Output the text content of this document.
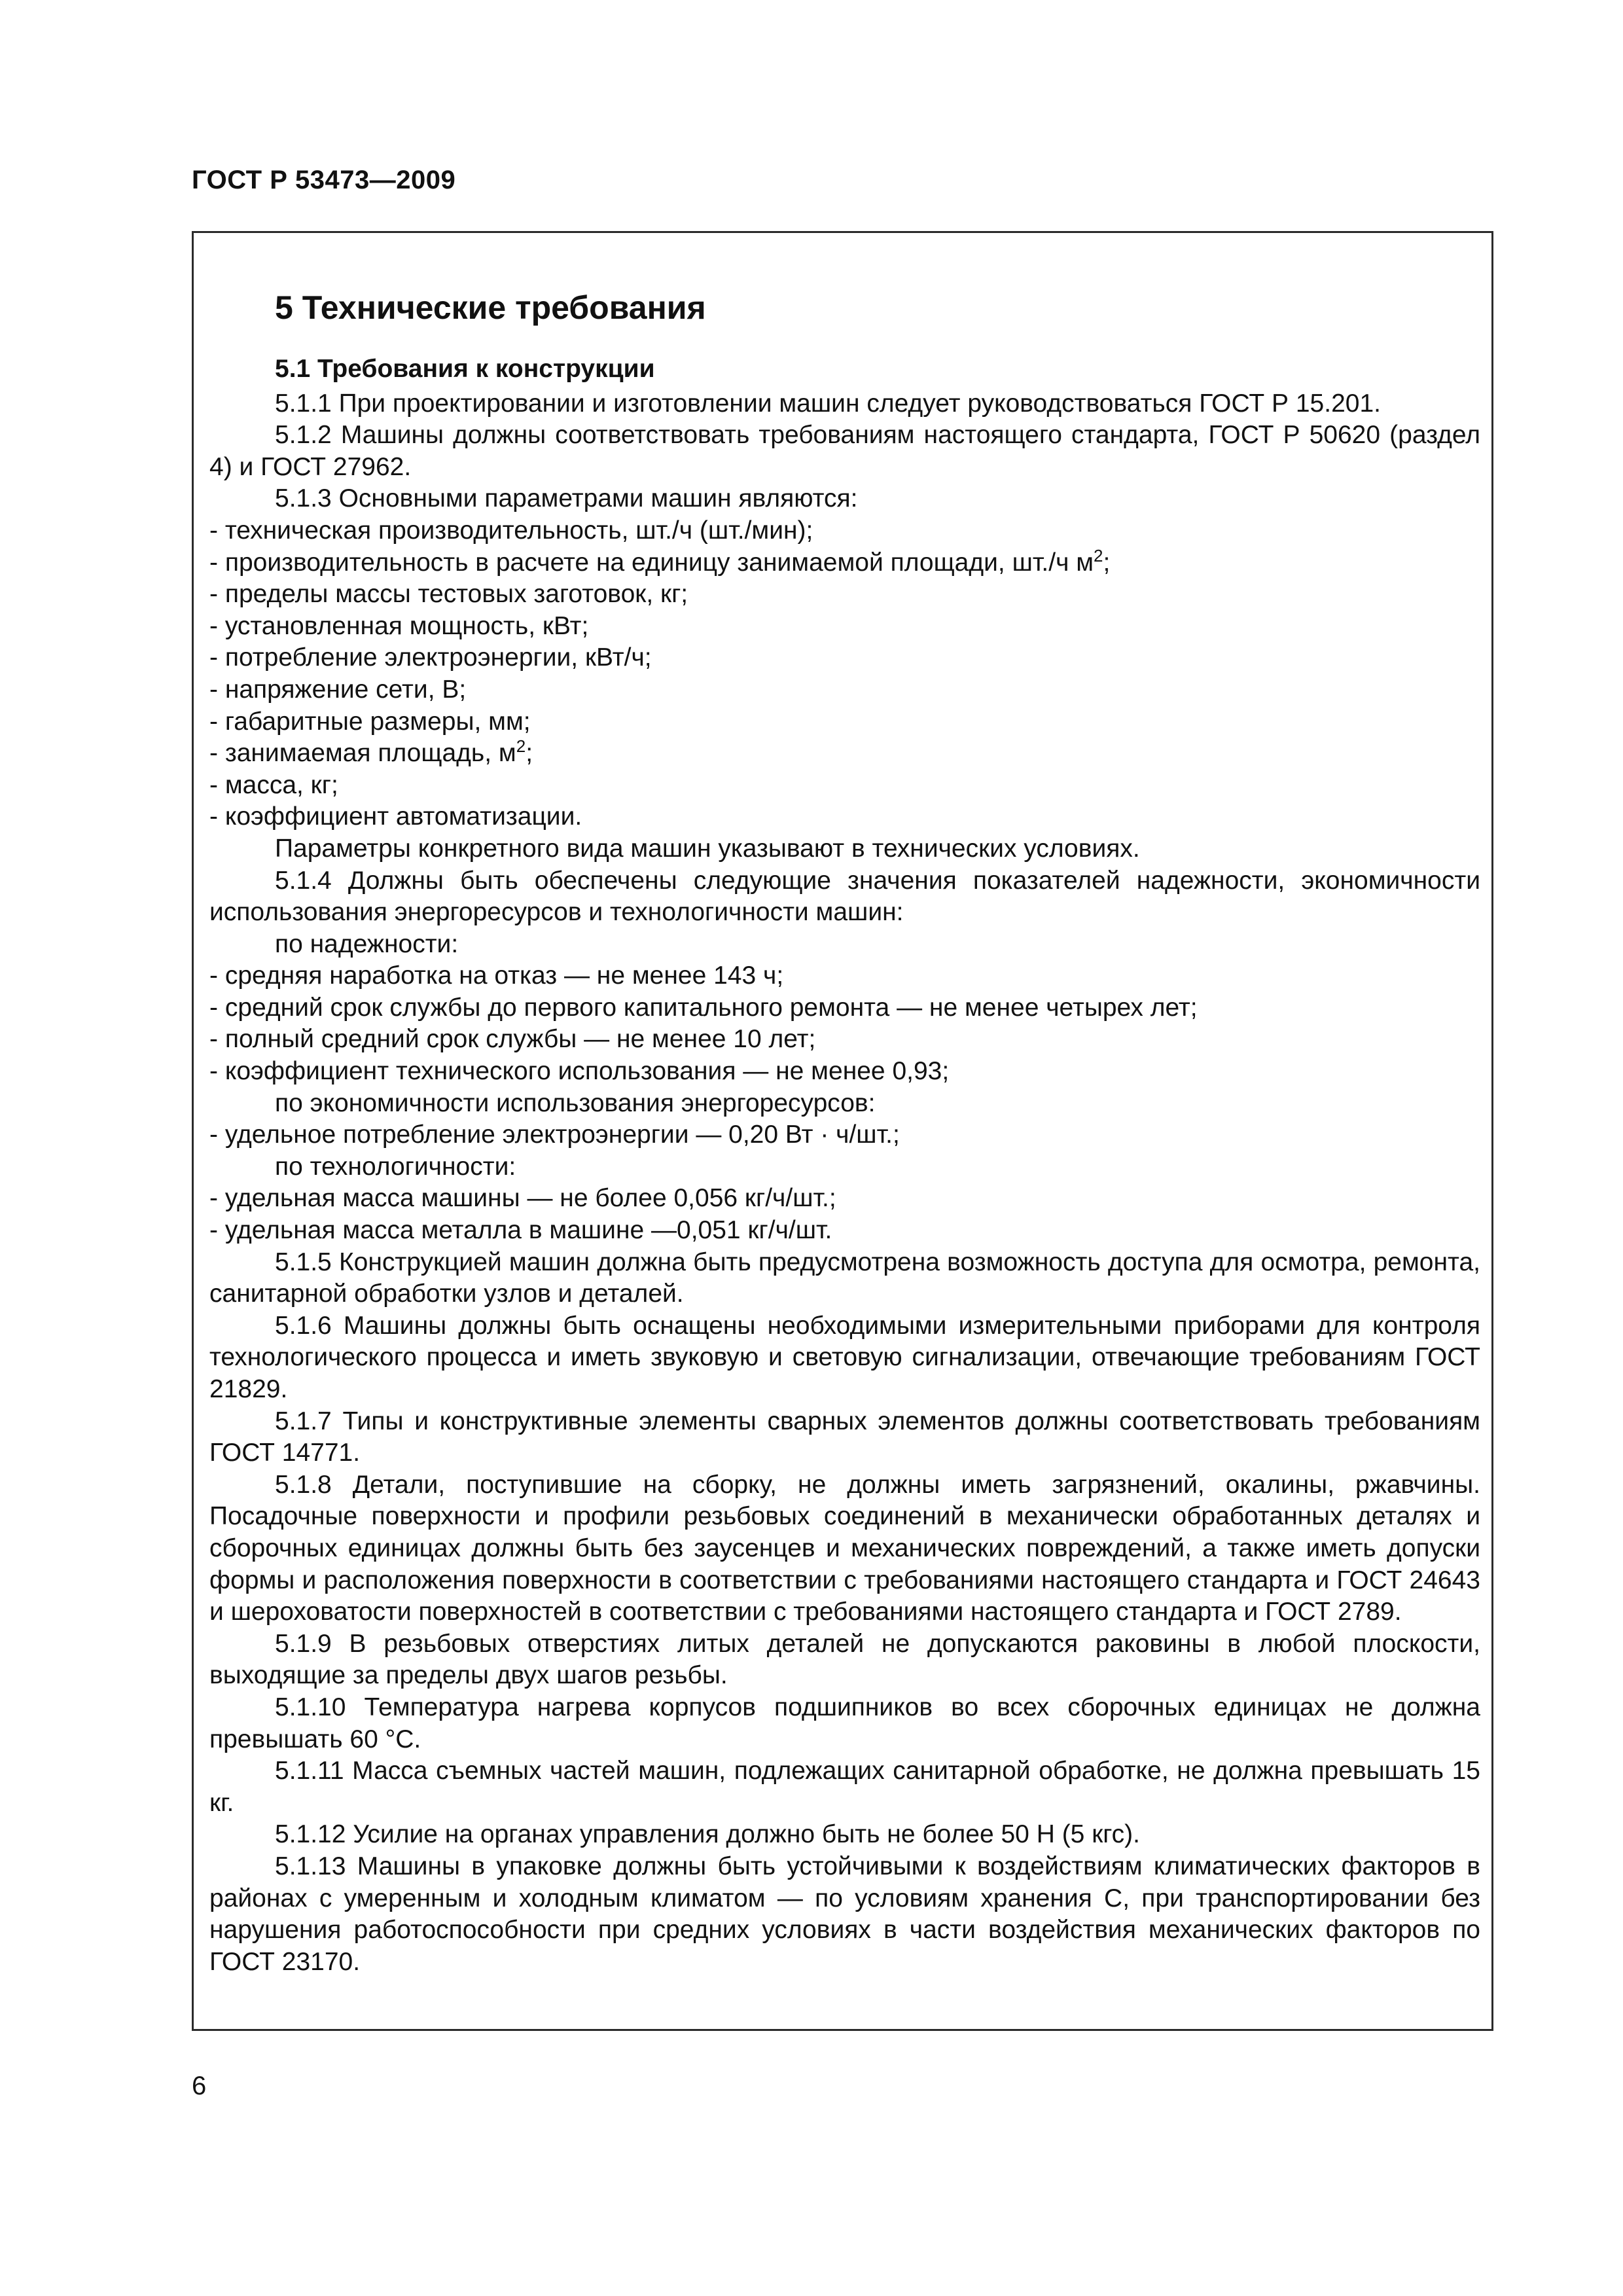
ГОСТ Р 53473—2009
5 Технические требования
5.1 Требования к конструкции

5.1.1 При проектировании и изготовлении машин следует руководствоваться ГОСТ Р 15.201.

5.1.2 Машины должны соответствовать требованиям настоящего стандарта, ГОСТ Р 50620 (раздел 4) и ГОСТ 27962.

5.1.3 Основными параметрами машин являются:

- техническая производительность, шт./ч (шт./мин);

- производительность в расчете на единицу занимаемой площади, шт./ч $м^2$;

- пределы массы тестовых заготовок, кг;

- установленная мощность, кВт;

- потребление электроэнергии, кВт/ч;

- напряжение сети, В;

- габаритные размеры, мм;

- занимаемая площадь, $м^2$;

- масса, кг;

- коэффициент автоматизации.

Параметры конкретного вида машин указывают в технических условиях.

5.1.4 Должны быть обеспечены следующие значения показателей надежности, экономичности использования энергоресурсов и технологичности машин:

по надежности:

- средняя наработка на отказ — не менее 143 ч;

- средний срок службы до первого капитального ремонта — не менее четырех лет;

- полный средний срок службы — не менее 10 лет;

- коэффициент технического использования — не менее 0,93;

по экономичности использования энергоресурсов:

- удельное потребление электроэнергии — 0,20 Вт · ч/шт.;

по технологичности:

- удельная масса машины — не более 0,056 кг/ч/шт.;

- удельная масса металла в машине —0,051 кг/ч/шт.

5.1.5 Конструкцией машин должна быть предусмотрена возможность доступа для осмотра, ремонта, санитарной обработки узлов и деталей.

5.1.6 Машины должны быть оснащены необходимыми измерительными приборами для контроля технологического процесса и иметь звуковую и световую сигнализации, отвечающие требованиям ГОСТ 21829.

5.1.7 Типы и конструктивные элементы сварных элементов должны соответствовать требованиям ГОСТ 14771.

5.1.8 Детали, поступившие на сборку, не должны иметь загрязнений, окалины, ржавчины. Посадочные поверхности и профили резьбовых соединений в механически обработанных деталях и сборочных единицах должны быть без заусенцев и механических повреждений, а также иметь допуски формы и расположения поверхности в соответствии с требованиями настоящего стандарта и ГОСТ 24643 и шероховатости поверхностей в соответствии с требованиями настоящего стандарта и ГОСТ 2789.

5.1.9 В резьбовых отверстиях литых деталей не допускаются раковины в любой плоскости, выходящие за пределы двух шагов резьбы.

5.1.10 Температура нагрева корпусов подшипников во всех сборочных единицах не должна превышать 60 °С.

5.1.11 Масса съемных частей машин, подлежащих санитарной обработке, не должна превышать 15 кг.

5.1.12 Усилие на органах управления должно быть не более 50 Н (5 кгс).

5.1.13 Машины в упаковке должны быть устойчивыми к воздействиям климатических факторов в районах с умеренным и холодным климатом — по условиям хранения С, при транспортировании без нарушения работоспособности при средних условиях в части воздействия механических факторов по ГОСТ 23170.

6
